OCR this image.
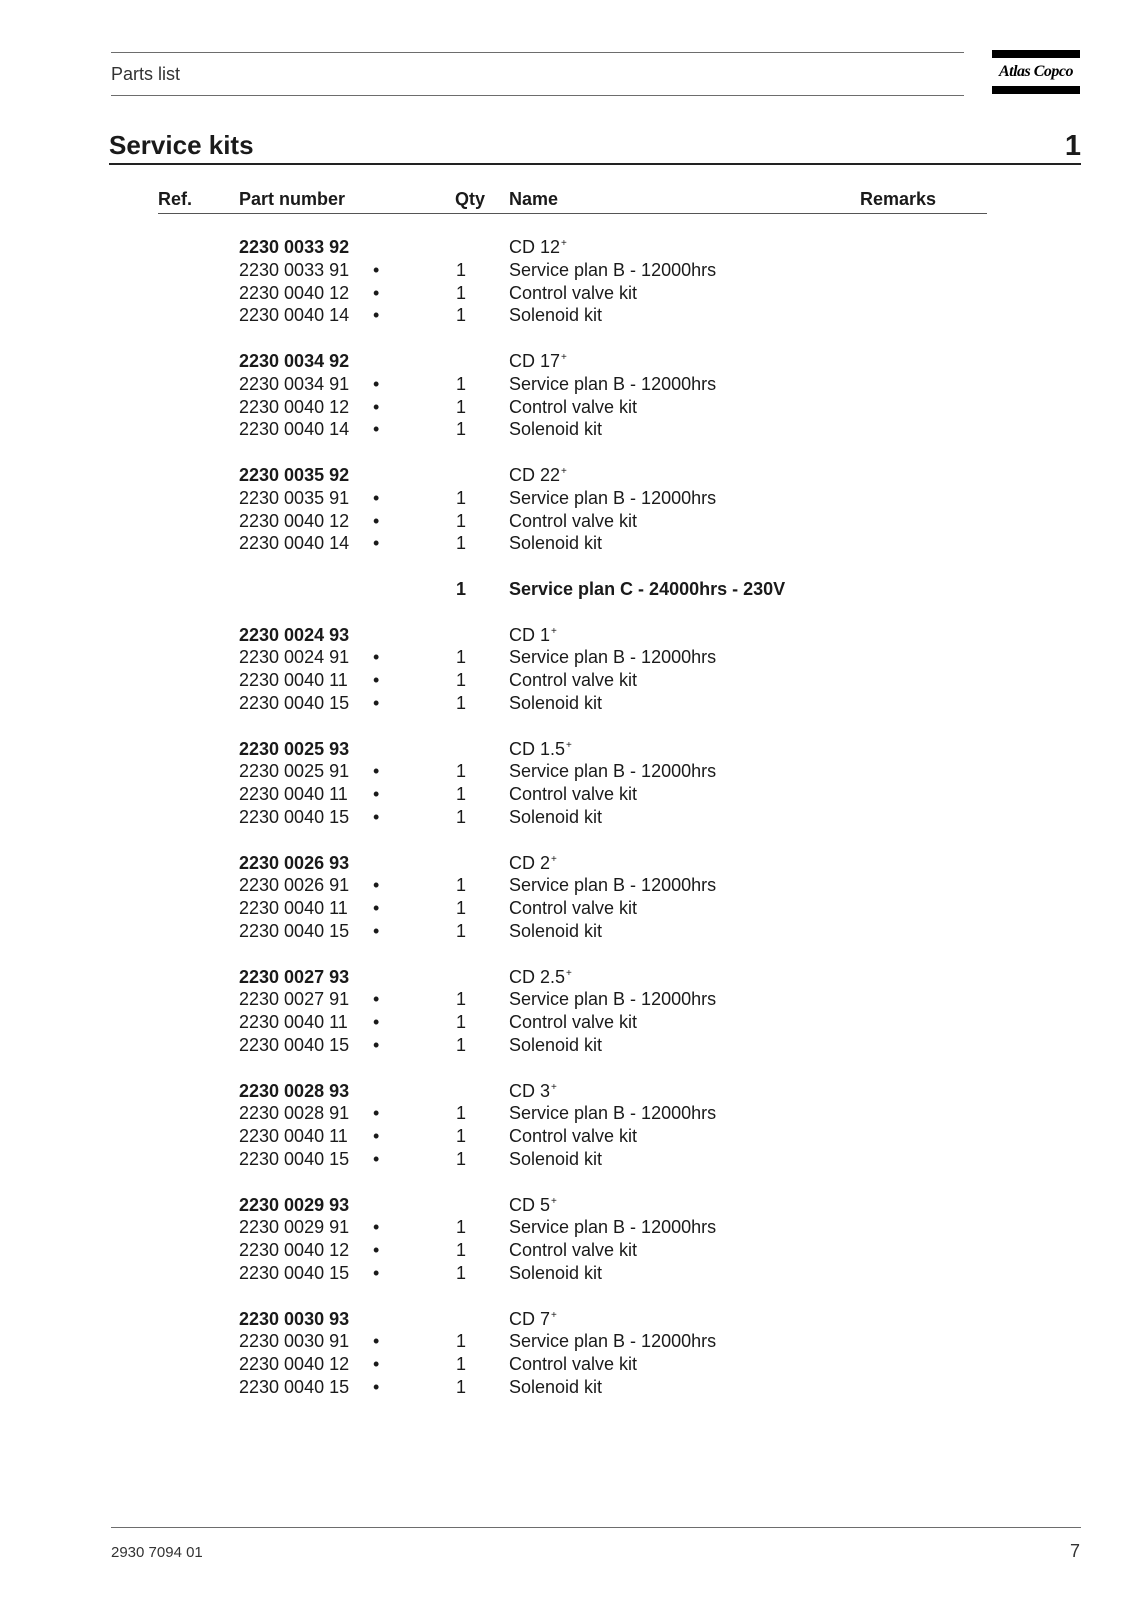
Parts list	Atlas Copco
Service kits	1
Ref.	Part number	Qty Name	Remarks
2230 0033 92	CD 12+
2230 0033 91 •	1 Service plan B - 12000hrs
2230 0040 12 •	1 Control valve kit
2230 0040 14 •	1 Solenoid kit
2230 0034 92	CD 17+
2230 0034 91 •	1 Service plan B - 12000hrs
2230 0040 12 •	1 Control valve kit
2230 0040 14 •	1 Solenoid kit
2230 0035 92	CD 22+
2230 0035 91 •	1 Service plan B - 12000hrs
2230 0040 12 •	1 Control valve kit
2230 0040 14 •	1 Solenoid kit
1 Service plan C - 24000hrs - 230V
2230 0024 93	CD 1+
2230 0024 91 •	1 Service plan B - 12000hrs
2230 0040 11 •	1 Control valve kit
2230 0040 15 •	1 Solenoid kit
2230 0025 93	CD 1.5+
2230 0025 91 •	1 Service plan B - 12000hrs
2230 0040 11 •	1 Control valve kit
2230 0040 15 •	1 Solenoid kit
2230 0026 93	CD 2+
2230 0026 91 •	1 Service plan B - 12000hrs
2230 0040 11 •	1 Control valve kit
2230 0040 15 •	1 Solenoid kit
2230 0027 93	CD 2.5+
2230 0027 91 •	1 Service plan B - 12000hrs
2230 0040 11 •	1 Control valve kit
2230 0040 15 •	1 Solenoid kit
2230 0028 93	CD 3+
2230 0028 91 •	1 Service plan B - 12000hrs
2230 0040 11 •	1 Control valve kit
2230 0040 15 •	1 Solenoid kit
2230 0029 93	CD 5+
2230 0029 91 •	1 Service plan B - 12000hrs
2230 0040 12 •	1 Control valve kit
2230 0040 15 •	1 Solenoid kit
2230 0030 93	CD 7+
2230 0030 91 •	1 Service plan B - 12000hrs
2230 0040 12 •	1 Control valve kit
2230 0040 15 •	1 Solenoid kit
2930 7094 01	7
